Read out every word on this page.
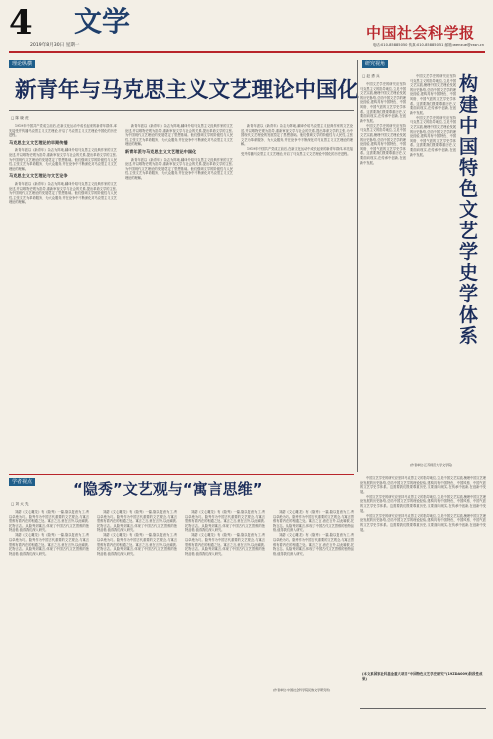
4 文学
2019年8月30日 星期一
中国社会科学报
电话:010-85885050 传真:010-85885051 邮箱:wenxue@cssn.cn
理论纵横
新青年与马克思主义文艺理论中国化
□ 陈 晓 虎

1919年中国共产党成立前后,在新文化运动中成长起来的新青年群体,率先接受并传播马克思主义文艺理论,开启了马克思主义文艺理论中国化的历史进程。

马克思主义文艺理论的早期传播

新青年派以《新青年》杂志为阵地,翻译介绍马克思主义经典作家的文艺论述,并以唯物史观为指导,重新审视文学与社会的关系,提出革命文学的主张,为中国现代文艺理论的发展奠定了思想基础。他们强调文学的阶级性与人民性,主张文艺为革命服务、为大众服务,并在论争中不断深化对马克思主义文艺理论的理解。

马克思主义文艺理论与文艺论争

新青年派以《新青年》杂志为阵地,翻译介绍马克思主义经典作家的文艺论述,并以唯物史观为指导,重新审视文学与社会的关系,提出革命文学的主张,为中国现代文艺理论的发展奠定了思想基础。他们强调文学的阶级性与人民性,主张文艺为革命服务、为大众服务,并在论争中不断深化对马克思主义文艺理论的理解。

新青年派以《新青年》杂志为阵地,翻译介绍马克思主义经典作家的文艺论述,并以唯物史观为指导,重新审视文学与社会的关系,提出革命文学的主张,为中国现代文艺理论的发展奠定了思想基础。他们强调文学的阶级性与人民性,主张文艺为革命服务、为大众服务,并在论争中不断深化对马克思主义文艺理论的理解。

新青年派与马克思主义文艺理论中国化

新青年派以《新青年》杂志为阵地,翻译介绍马克思主义经典作家的文艺论述,并以唯物史观为指导,重新审视文学与社会的关系,提出革命文学的主张,为中国现代文艺理论的发展奠定了思想基础。他们强调文学的阶级性与人民性,主张文艺为革命服务、为大众服务,并在论争中不断深化对马克思主义文艺理论的理解。

新青年派以《新青年》杂志为阵地,翻译介绍马克思主义经典作家的文艺论述,并以唯物史观为指导,重新审视文学与社会的关系,提出革命文学的主张,为中国现代文艺理论的发展奠定了思想基础。他们强调文学的阶级性与人民性,主张文艺为革命服务、为大众服务,并在论争中不断深化对马克思主义文艺理论的理解。

1919年中国共产党成立前后,在新文化运动中成长起来的新青年群体,率先接受并传播马克思主义文艺理论,开启了马克思主义文艺理论中国化的历史进程。

研究视角
构建中国特色文艺学史学体系
□ 赵 勇 兵

中国文艺学史的研究应坚持马克思主义的指导地位,立足中国文艺实践,梳理中国文艺理论发展的历史脉络,总结中国文艺学的理论经验,建构具有中国特色、中国风格、中国气派的文艺学史学体系。这需要我们既要尊重历史,又要面向现实,在传承中创新,在创新中发展。

中国文艺学史的研究应坚持马克思主义的指导地位,立足中国文艺实践,梳理中国文艺理论发展的历史脉络,总结中国文艺学的理论经验,建构具有中国特色、中国风格、中国气派的文艺学史学体系。这需要我们既要尊重历史,又要面向现实,在传承中创新,在创新中发展。

中国文艺学史的研究应坚持马克思主义的指导地位,立足中国文艺实践,梳理中国文艺理论发展的历史脉络,总结中国文艺学的理论经验,建构具有中国特色、中国风格、中国气派的文艺学史学体系。这需要我们既要尊重历史,又要面向现实,在传承中创新,在创新中发展。

中国文艺学史的研究应坚持马克思主义的指导地位,立足中国文艺实践,梳理中国文艺理论发展的历史脉络,总结中国文艺学的理论经验,建构具有中国特色、中国风格、中国气派的文艺学史学体系。这需要我们既要尊重历史,又要面向现实,在传承中创新,在创新中发展。

(作者单位:江苏师范大学文学院)

中国文艺学史的研究应坚持马克思主义的指导地位,立足中国文艺实践,梳理中国文艺理论发展的历史脉络,总结中国文艺学的理论经验,建构具有中国特色、中国风格、中国气派的文艺学史学体系。这需要我们既要尊重历史,又要面向现实,在传承中创新,在创新中发展。

中国文艺学史的研究应坚持马克思主义的指导地位,立足中国文艺实践,梳理中国文艺理论发展的历史脉络,总结中国文艺学的理论经验,建构具有中国特色、中国风格、中国气派的文艺学史学体系。这需要我们既要尊重历史,又要面向现实,在传承中创新,在创新中发展。

中国文艺学史的研究应坚持马克思主义的指导地位,立足中国文艺实践,梳理中国文艺理论发展的历史脉络,总结中国文艺学的理论经验,建构具有中国特色、中国风格、中国气派的文艺学史学体系。这需要我们既要尊重历史,又要面向现实,在传承中创新,在创新中发展。

(本文系国家社科基金重大项目“中国特色文艺学史研究”(19ZDA009)阶段性成果)
学者视点	“隐秀”文艺观与“寓言思维”
□ 刘 大 先

刘勰《文心雕龙》有《隐秀》一篇,隐以复意为工,秀以卓绝为巧。隐秀作为中国古代重要的文艺观念,与寓言思维有着内在的相通之处。寓言之言,意在言外,以此喻彼,托物言志。从隐秀到寓言,体现了中国古代文艺思维的独特品格,值得我们深入研究。

刘勰《文心雕龙》有《隐秀》一篇,隐以复意为工,秀以卓绝为巧。隐秀作为中国古代重要的文艺观念,与寓言思维有着内在的相通之处。寓言之言,意在言外,以此喻彼,托物言志。从隐秀到寓言,体现了中国古代文艺思维的独特品格,值得我们深入研究。

刘勰《文心雕龙》有《隐秀》一篇,隐以复意为工,秀以卓绝为巧。隐秀作为中国古代重要的文艺观念,与寓言思维有着内在的相通之处。寓言之言,意在言外,以此喻彼,托物言志。从隐秀到寓言,体现了中国古代文艺思维的独特品格,值得我们深入研究。

刘勰《文心雕龙》有《隐秀》一篇,隐以复意为工,秀以卓绝为巧。隐秀作为中国古代重要的文艺观念,与寓言思维有着内在的相通之处。寓言之言,意在言外,以此喻彼,托物言志。从隐秀到寓言,体现了中国古代文艺思维的独特品格,值得我们深入研究。

刘勰《文心雕龙》有《隐秀》一篇,隐以复意为工,秀以卓绝为巧。隐秀作为中国古代重要的文艺观念,与寓言思维有着内在的相通之处。寓言之言,意在言外,以此喻彼,托物言志。从隐秀到寓言,体现了中国古代文艺思维的独特品格,值得我们深入研究。

刘勰《文心雕龙》有《隐秀》一篇,隐以复意为工,秀以卓绝为巧。隐秀作为中国古代重要的文艺观念,与寓言思维有着内在的相通之处。寓言之言,意在言外,以此喻彼,托物言志。从隐秀到寓言,体现了中国古代文艺思维的独特品格,值得我们深入研究。

刘勰《文心雕龙》有《隐秀》一篇,隐以复意为工,秀以卓绝为巧。隐秀作为中国古代重要的文艺观念,与寓言思维有着内在的相通之处。寓言之言,意在言外,以此喻彼,托物言志。从隐秀到寓言,体现了中国古代文艺思维的独特品格,值得我们深入研究。

刘勰《文心雕龙》有《隐秀》一篇,隐以复意为工,秀以卓绝为巧。隐秀作为中国古代重要的文艺观念,与寓言思维有着内在的相通之处。寓言之言,意在言外,以此喻彼,托物言志。从隐秀到寓言,体现了中国古代文艺思维的独特品格,值得我们深入研究。

(作者单位:中国社会科学院民族文学研究所)
